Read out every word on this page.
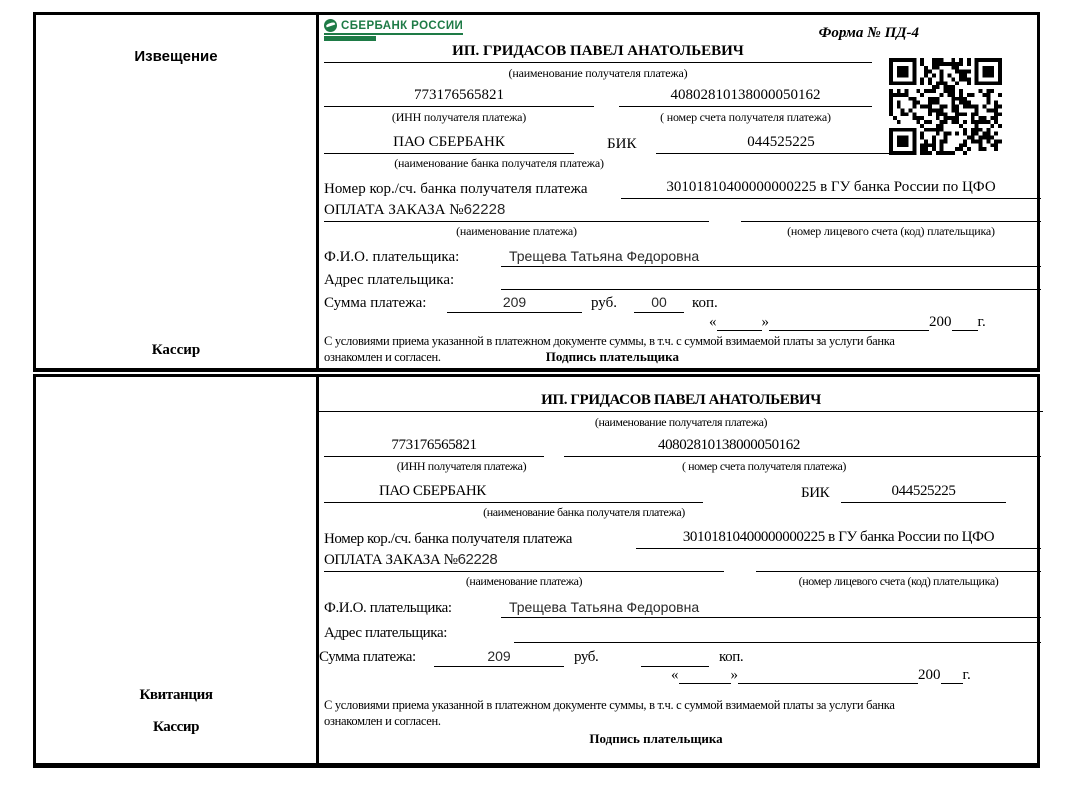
Извещение
Кассир
СБЕРБАНК РОССИИ	Форма № ПД-4
ИП. ГРИДАСОВ ПАВЕЛ АНАТОЛЬЕВИЧ
(наименование получателя платежа)
773176565821	40802810138000050162
(ИНН получателя платежа)	( номер счета получателя платежа)
ПАО СБЕРБАНК	БИК	044525225
(наименование банка получателя платежа)
Номер кор./сч. банка получателя платежа	30101810400000000225 в ГУ банка России по ЦФО
ОПЛАТА ЗАКАЗА №62228
(наименование платежа)	(номер лицевого счета (код) плательщика)
Ф.И.О. плательщика:	Трещева Татьяна Федоровна
Адрес плательщика:
Сумма платежа:	209	руб.	00	коп.
«	»	200 г.
С условиями приема указанной в платежном документе суммы, в т.ч. с суммой взимаемой платы за услуги банка
ознакомлен и согласен.	Подпись плательщика
Квитанция
Кассир
ИП. ГРИДАСОВ ПАВЕЛ АНАТОЛЬЕВИЧ
(наименование получателя платежа)
773176565821	40802810138000050162
(ИНН получателя платежа)	( номер счета получателя платежа)
ПАО СБЕРБАНК	БИК	044525225
(наименование банка получателя платежа)
Номер кор./сч. банка получателя платежа	30101810400000000225 в ГУ банка России по ЦФО
ОПЛАТА ЗАКАЗА №62228
(наименование платежа)	(номер лицевого счета (код) плательщика)
Ф.И.О. плательщика:	Трещева Татьяна Федоровна
Адрес плательщика:
Сумма платежа:	209	руб.	коп.
«	»	200 г.
С условиями приема указанной в платежном документе суммы, в т.ч. с суммой взимаемой платы за услуги банка
ознакомлен и согласен.
Подпись плательщика
